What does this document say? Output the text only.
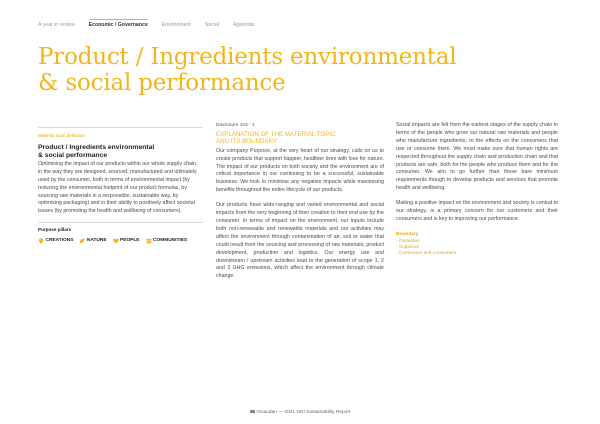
A year in review	Economic / Governance	Environment	Social	Appendix
Product / Ingredients environmental
& social performance
Material topic definition
Product / Ingredients environmental
& social performance
Optimising the impact of our products within our whole supply chain, in the way they are designed, sourced, manufactured and ultimately used by the consumer, both in terms of environmental impact (by reducing the environmental footprint of our product formulas, by sourcing raw materials in a responsible, sustainable way, by optimising packaging) and in their ability to positively affect societal issues (by promoting the health and wellbeing of consumers).
Purpose pillars
CREATIONS	NATURE	PEOPLE	COMMUNITIES
Disclosure 103 - 1
EXPLANATION OF THE MATERIAL TOPIC
AND ITS BOUNDARY

Our company Purpose, at the very heart of our strategy, calls on us to create products that support happier, healthier lives with love for nature. The impact of our products on both society and the environment are of critical importance in our continuing to be a successful, sustainable business. We look to minimise any negative impacts while maximising benefits throughout the entire lifecycle of our products.

Our products have wide-ranging and varied environmental and social impacts from the very beginning of their creation to their end use by the consumer. In terms of impact on the environment, our inputs include both non-renewable and renewable materials and our activities may affect the environment through contamination of air, soil or water that could result from the sourcing and processing of raw materials, product development, production and logistics. Our energy use and downstream / upstream activities lead to the generation of scope 1, 2 and 3 GHG emissions, which affect the environment through climate change.

Social impacts are felt from the earliest stages of the supply chain in terms of the people who grow our natural raw materials and people who manufacture ingredients, to the effects on the consumers that use or consume them. We must make sure that human rights are respected throughout the supply chain and production chain and that products are safe, both for the people who produce them and for the consumer. We aim to go further than these bare minimum requirements though to develop products and services that promote health and wellbeing.

Making a positive impact on the environment and society is central to our strategy, is a primary concern for our customers and their consumers and is key to improving our performance.

Boundary
- Givaudan
- Suppliers
- Customers and consumers
36 Givaudan — 2021 GRI Sustainability Report
